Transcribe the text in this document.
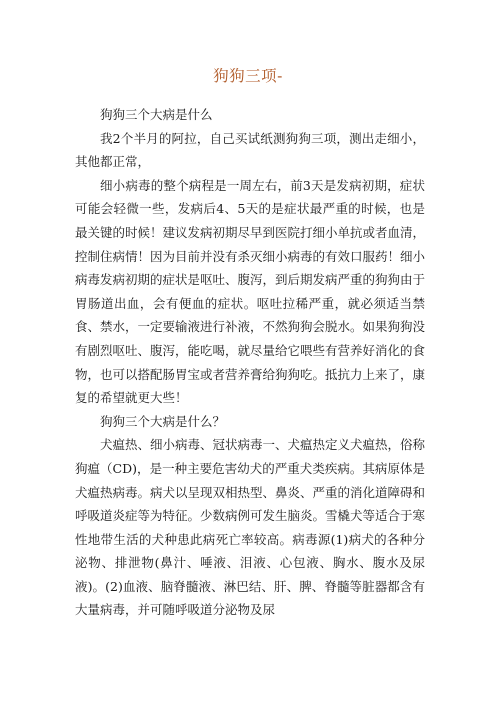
狗狗三项-

狗狗三个大病是什么

我2个半月的阿拉，自己买试纸测狗狗三项，测出走细小，其他都正常，

细小病毒的整个病程是一周左右，前3天是发病初期，症状可能会轻微一些，发病后4、5天的是症状最严重的时候，也是最关键的时候！建议发病初期尽早到医院打细小单抗或者血清，控制住病情！因为目前并没有杀灭细小病毒的有效口服药！细小病毒发病初期的症状是呕吐、腹泻，到后期发病严重的狗狗由于胃肠道出血，会有便血的症状。呕吐拉稀严重，就必须适当禁食、禁水，一定要输液进行补液，不然狗狗会脱水。如果狗狗没有剧烈呕吐、腹泻，能吃喝，就尽量给它喂些有营养好消化的食物，也可以搭配肠胃宝或者营养膏给狗狗吃。抵抗力上来了，康复的希望就更大些！

狗狗三个大病是什么？

犬瘟热、细小病毒、冠状病毒一、犬瘟热定义犬瘟热，俗称狗瘟（CD)，是一种主要危害幼犬的严重犬类疾病。其病原体是犬瘟热病毒。病犬以呈现双相热型、鼻炎、严重的消化道障碍和呼吸道炎症等为特征。少数病例可发生脑炎。雪橇犬等适合于寒性地带生活的犬种患此病死亡率较高。病毒源(1)病犬的各种分泌物、排泄物(鼻汁、唾液、泪液、心包液、胸水、腹水及尿液)。(2)血液、脑脊髓液、淋巴结、肝、脾、脊髓等脏器都含有大量病毒，并可随呼吸道分泌物及尿
